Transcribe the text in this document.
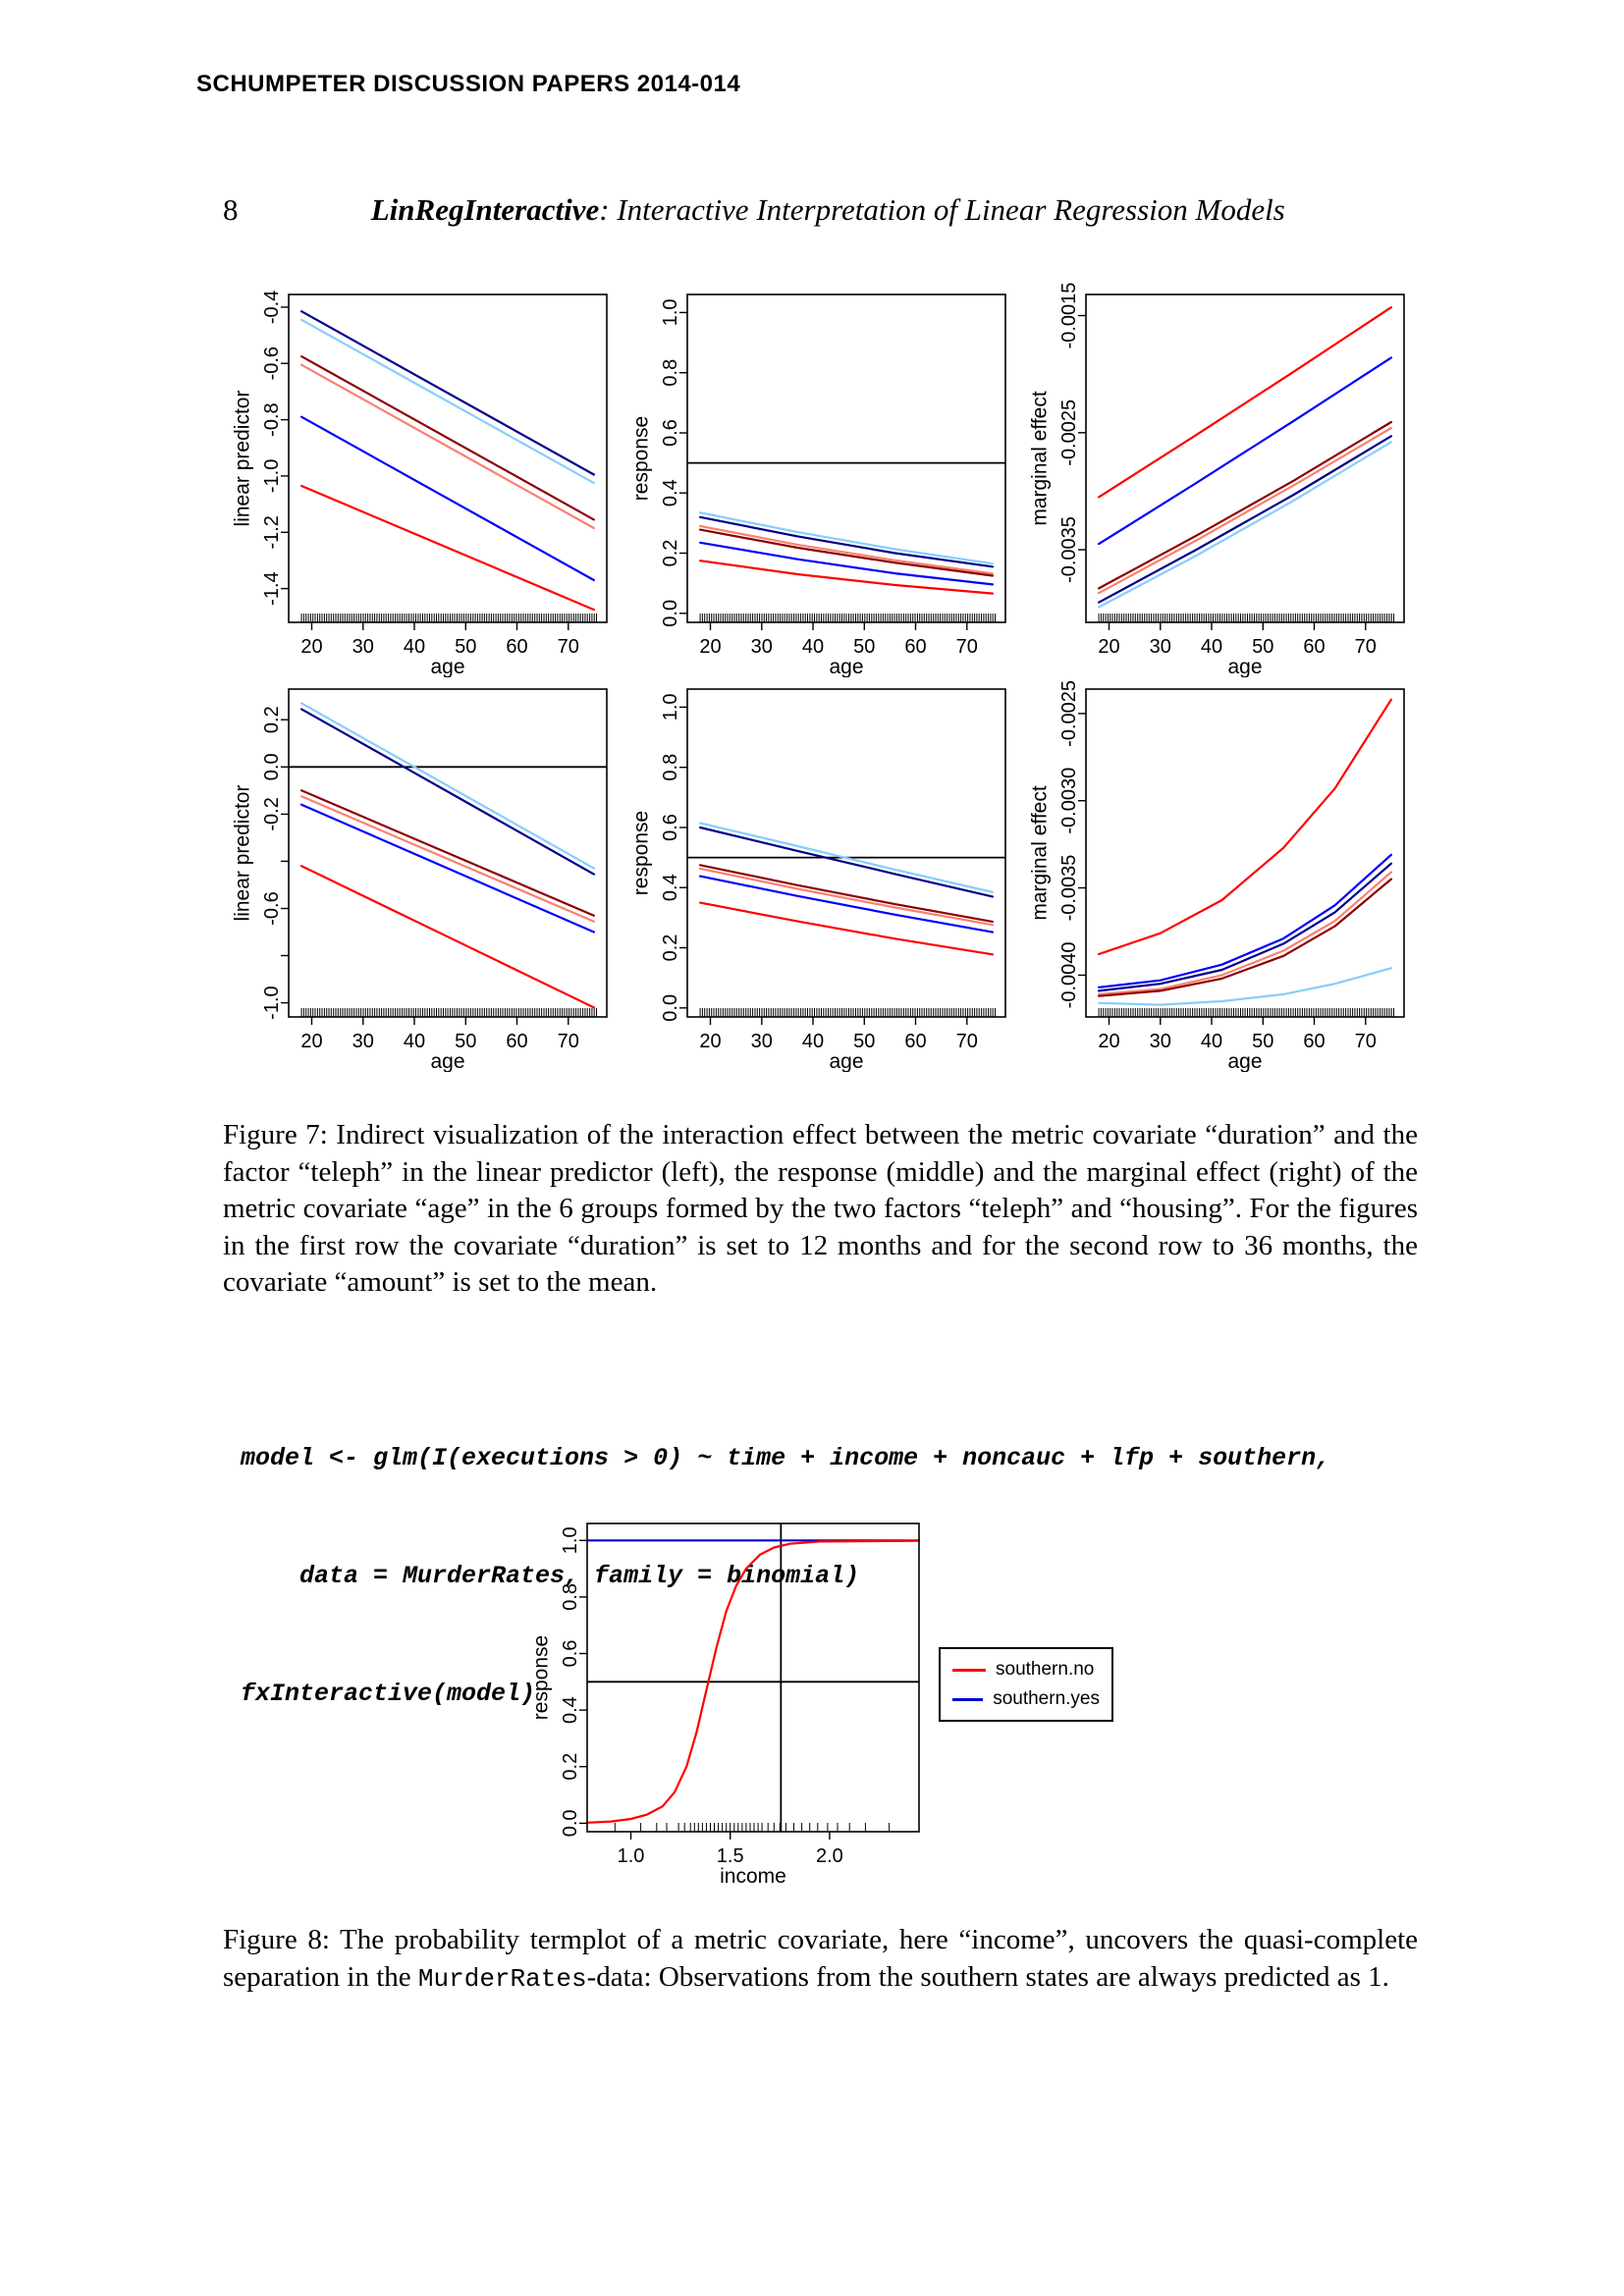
SCHUMPETER DISCUSSION PAPERS 2014-014
8	LinRegInteractive: Interactive Interpretation of Linear Regression Models
20 30 40 50 60 70
-0.4
-0.6
-0.8
-1.0
-1.2
-1.4
age
linear predictor
20 30 40 50 60 70
0.0
0.2
0.4
0.6
0.8
1.0
age
response
20 30 40 50 60 70
-0.0015
-0.0025
-0.0035
age
marginal effect
20 30 40 50 60 70
0.2
0.0
-0.2
-0.6
-1.0
age
linear predictor
20 30 40 50 60 70
0.0
0.2
0.4
0.6
0.8
1.0
age
response
20 30 40 50 60 70
-0.0025
-0.0030
-0.0035
-0.0040
age
marginal effect

Figure 7: Indirect visualization of the interaction effect between the metric covariate “duration” and the factor “teleph” in the linear predictor (left), the response (middle) and the marginal effect (right) of the metric covariate “age” in the 6 groups formed by the two factors “teleph” and “housing”. For the figures in the first row the covariate “duration” is set to 12 months and for the second row to 36 months, the covariate “amount” is set to the mean.

model <- glm(I(executions > 0) ~ time + income + noncauc + lfp + southern,

data = MurderRates, family = binomial)

fxInteractive(model)

1.0	1.5	2.0
0.0
0.2
0.4
0.6
0.8
1.0
income
response	southern.no
southern.yes

Figure 8: The probability termplot of a metric covariate, here “income”, uncovers the quasi-complete separation in the MurderRates-data: Observations from the southern states are always predicted as 1.
